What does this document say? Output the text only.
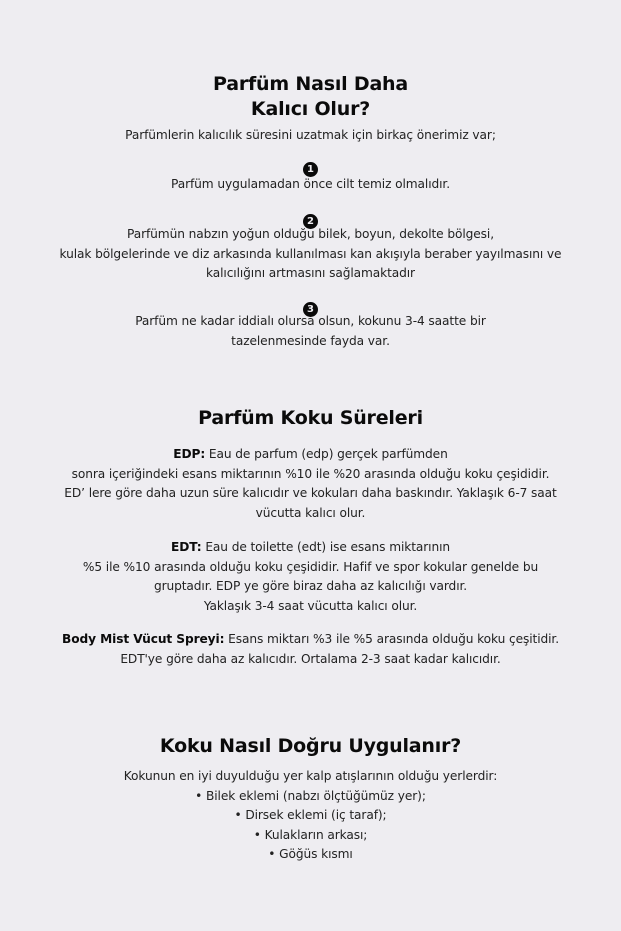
Parfüm Nasıl Daha
Kalıcı Olur?

Parfümlerin kalıcılık süresini uzatmak için birkaç önerimiz var;

1

Parfüm uygulamadan önce cilt temiz olmalıdır.

2

Parfümün nabzın yoğun olduğu bilek, boyun, dekolte bölgesi,

kulak bölgelerinde ve diz arkasında kullanılması kan akışıyla beraber yayılmasını ve

kalıcılığını artmasını sağlamaktadır

3

Parfüm ne kadar iddialı olursa olsun, kokunu 3-4 saatte bir

tazelenmesinde fayda var.

Parfüm Koku Süreleri

EDP: Eau de parfum (edp) gerçek parfümden

sonra içeriğindeki esans miktarının %10 ile %20 arasında olduğu koku çeşididir.

ED’ lere göre daha uzun süre kalıcıdır ve kokuları daha baskındır. Yaklaşık 6-7 saat

vücutta kalıcı olur.

EDT: Eau de toilette (edt) ise esans miktarının

%5 ile %10 arasında olduğu koku çeşididir. Hafif ve spor kokular genelde bu

gruptadır. EDP ye göre biraz daha az kalıcılığı vardır.

Yaklaşık 3-4 saat vücutta kalıcı olur.

Body Mist Vücut Spreyi: Esans miktarı %3 ile %5 arasında olduğu koku çeşitidir.

EDT'ye göre daha az kalıcıdır. Ortalama 2-3 saat kadar kalıcıdır.

Koku Nasıl Doğru Uygulanır?

Kokunun en iyi duyulduğu yer kalp atışlarının olduğu yerlerdir:

• Bilek eklemi (nabzı ölçtüğümüz yer);

• Dirsek eklemi (iç taraf);

• Kulakların arkası;

• Göğüs kısmı
